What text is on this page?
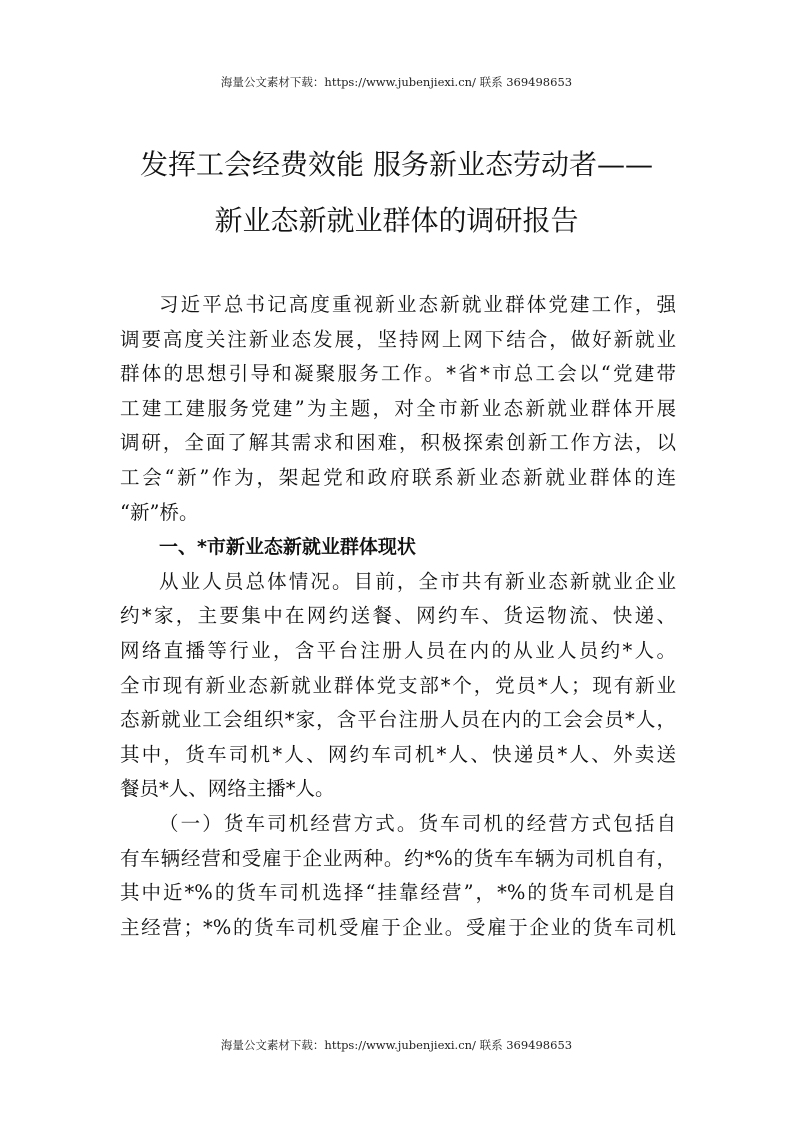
海量公文素材下载：https://www.jubenjiexi.cn/ 联系 369498653
发挥工会经费效能 服务新业态劳动者——
新业态新就业群体的调研报告
习近平总书记高度重视新业态新就业群体党建工作，强
调要高度关注新业态发展，坚持网上网下结合，做好新就业
群体的思想引导和凝聚服务工作。*省*市总工会以“党建带
工建工建服务党建”为主题，对全市新业态新就业群体开展
调研，全面了解其需求和困难，积极探索创新工作方法，以
工会“新”作为，架起党和政府联系新业态新就业群体的连
“新”桥。
一、*市新业态新就业群体现状
从业人员总体情况。目前，全市共有新业态新就业企业
约*家，主要集中在网约送餐、网约车、货运物流、快递、
网络直播等行业，含平台注册人员在内的从业人员约*人。
全市现有新业态新就业群体党支部*个，党员*人；现有新业
态新就业工会组织*家，含平台注册人员在内的工会会员*人，
其中，货车司机*人、网约车司机*人、快递员*人、外卖送
餐员*人、网络主播*人。
（一）货车司机经营方式。货车司机的经营方式包括自
有车辆经营和受雇于企业两种。约*%的货车车辆为司机自有，
其中近*%的货车司机选择“挂靠经营”，*%的货车司机是自
主经营；*%的货车司机受雇于企业。受雇于企业的货车司机
海量公文素材下载：https://www.jubenjiexi.cn/ 联系 369498653
